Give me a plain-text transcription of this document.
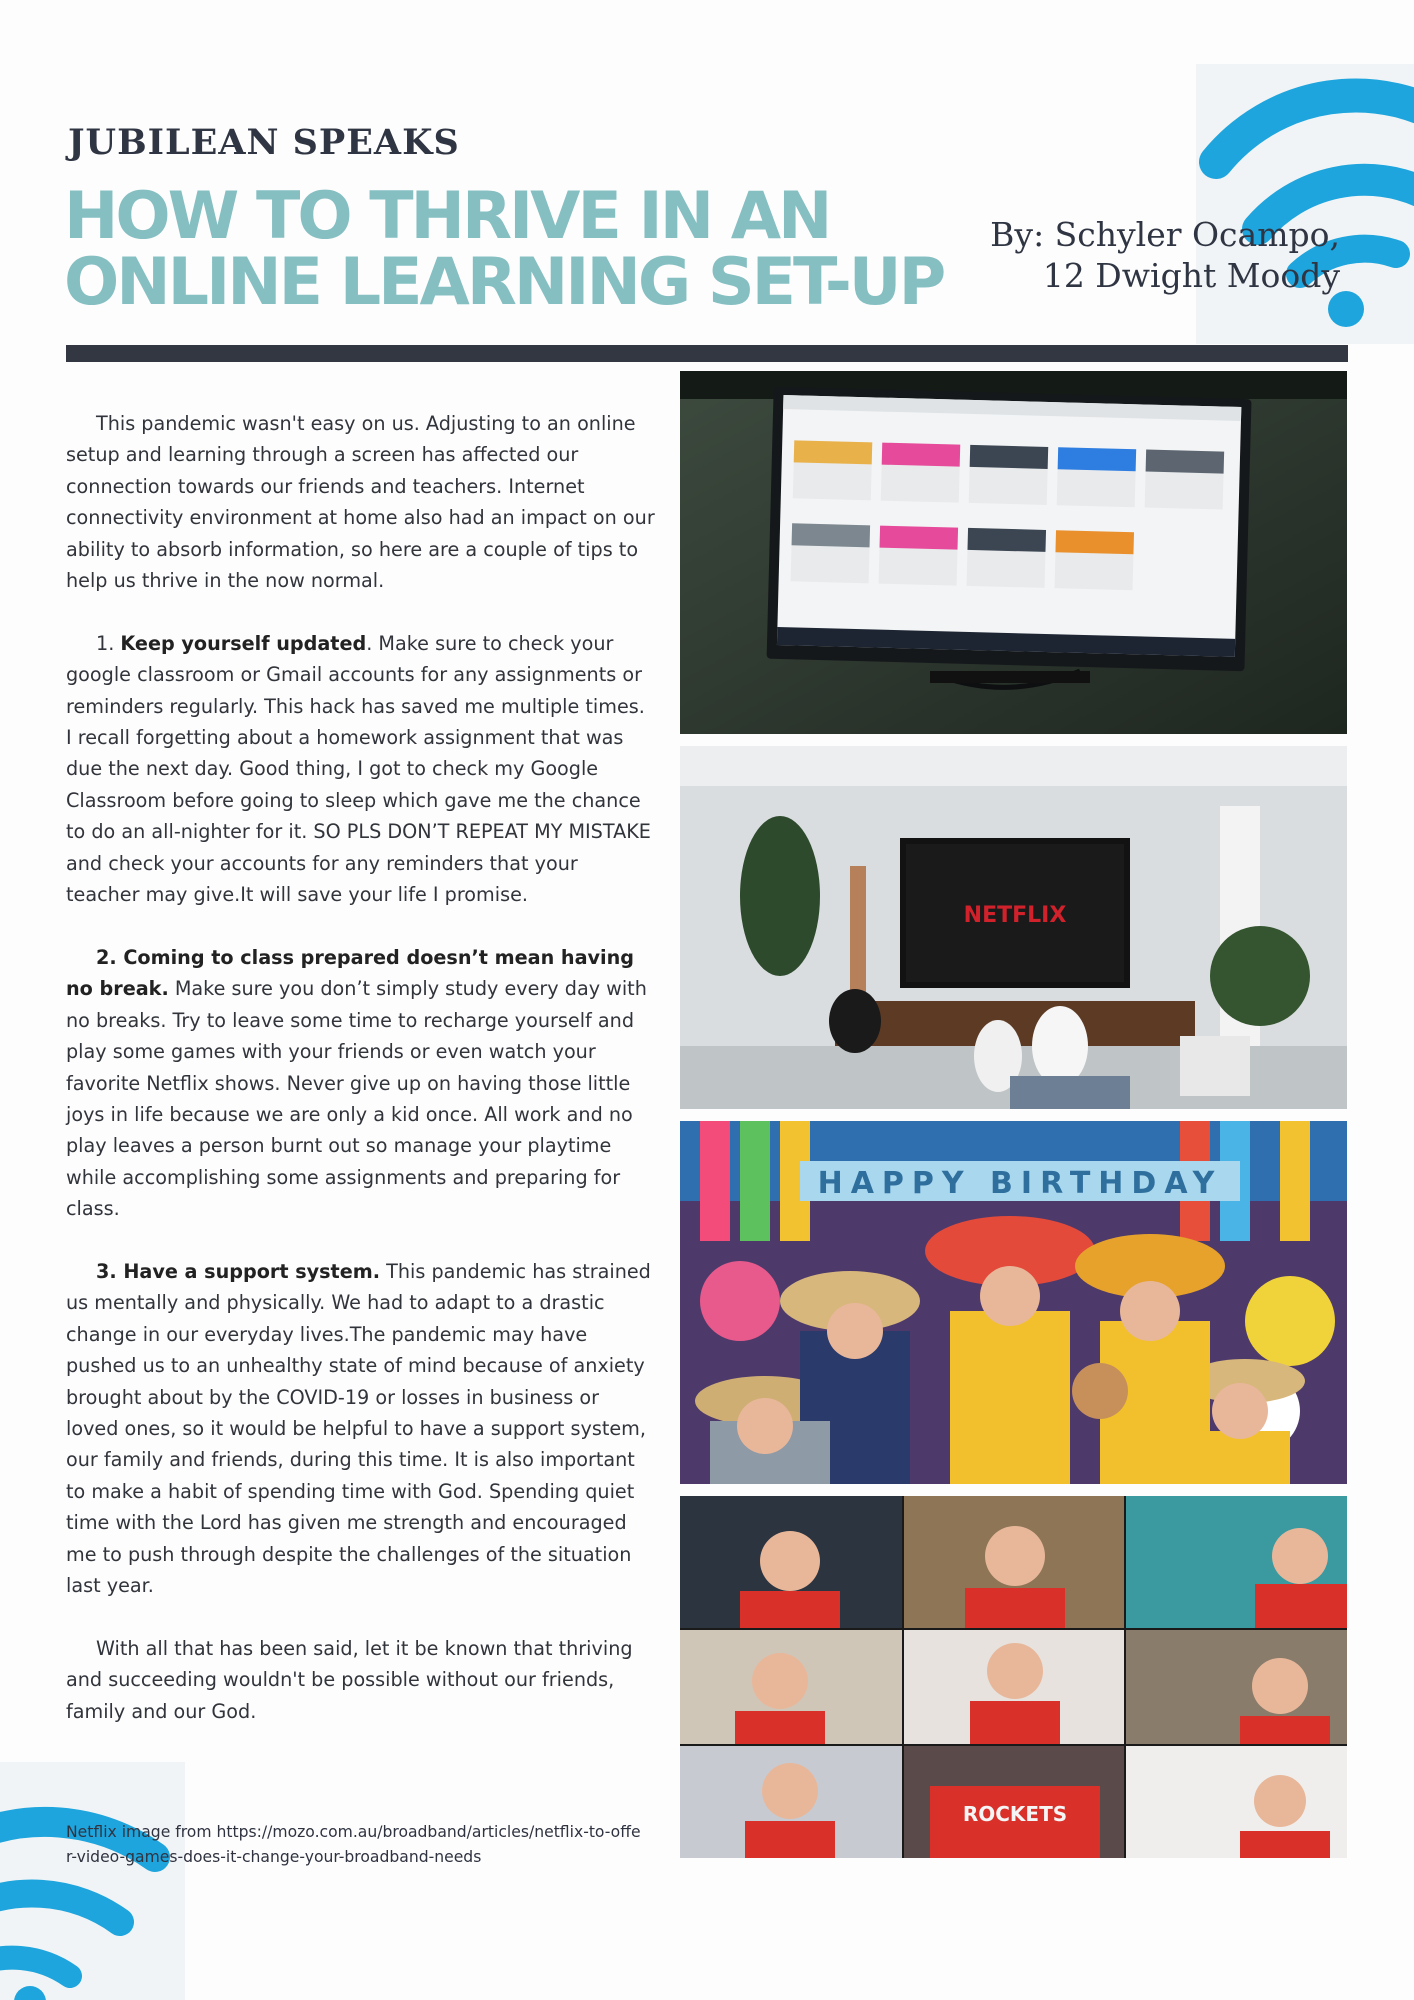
JUBILEAN SPEAKS
HOW TO THRIVE IN AN
ONLINE LEARNING SET-UP
By: Schyler Ocampo,
12 Dwight Moody

This pandemic wasn't easy on us. Adjusting to an online setup and learning through a screen has affected our connection towards our friends and teachers. Internet connectivity environment at home also had an impact on our ability to absorb information, so here are a couple of tips to help us thrive in the now normal.

1. Keep yourself updated. Make sure to check your google classroom or Gmail accounts for any assignments or reminders regularly. This hack has saved me multiple times. I recall forgetting about a homework assignment that was due the next day. Good thing, I got to check my Google Classroom before going to sleep which gave me the chance to do an all-nighter for it. SO PLS DON’T REPEAT MY MISTAKE and check your accounts for any reminders that your teacher may give.It will save your life I promise.

2. Coming to class prepared doesn’t mean having no break. Make sure you don’t simply study every day with no breaks. Try to leave some time to recharge yourself and play some games with your friends or even watch your favorite Netflix shows. Never give up on having those little joys in life because we are only a kid once. All work and no play leaves a person burnt out so manage your playtime while accomplishing some assignments and preparing for class.

3. Have a support system. This pandemic has strained us mentally and physically. We had to adapt to a drastic change in our everyday lives.The pandemic may have pushed us to an unhealthy state of mind because of anxiety brought about by the COVID-19 or losses in business or loved ones, so it would be helpful to have a support system, our family and friends, during this time. It is also important to make a habit of spending time with God. Spending quiet time with the Lord has given me strength and encouraged me to push through despite the challenges of the situation last year.

With all that has been said, let it be known that thriving and succeeding wouldn't be possible without our friends, family and our God.

Netflix image from https://mozo.com.au/broadband/articles/netflix-to-offer-video-games-does-it-change-your-broadband-needs

NETFLIX
HAPPY BIRTHDAY
ROCKETS
